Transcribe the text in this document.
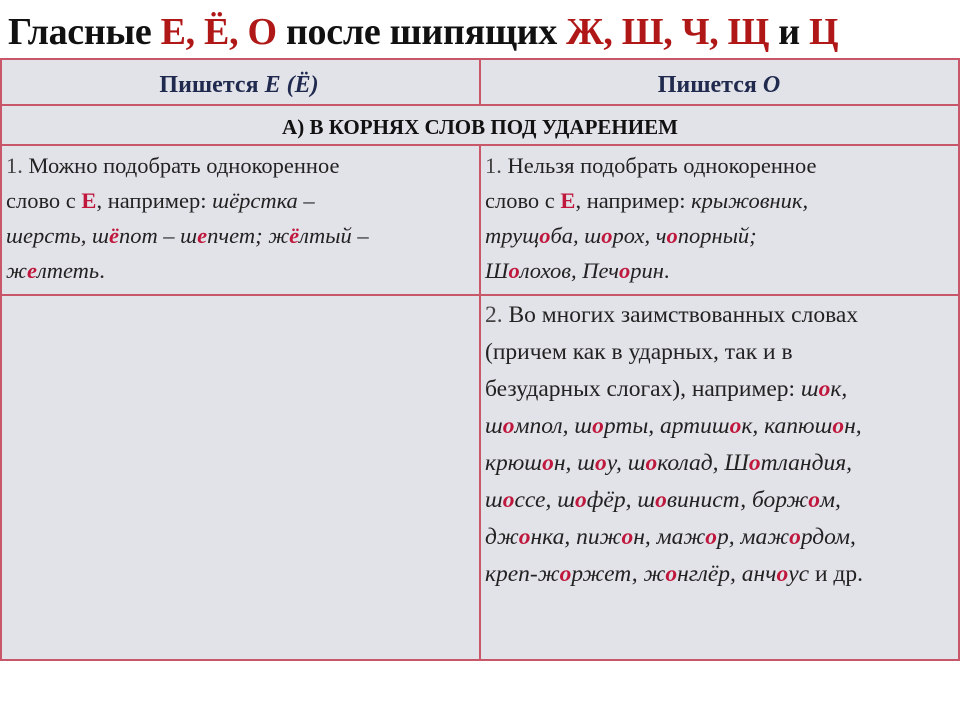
Гласные Е, Ё, О после шипящих Ж, Ш, Ч, Щ и Ц
Пишется Е (Ё)	Пишется О
А) В КОРНЯХ СЛОВ ПОД УДАРЕНИЕМ
1. Можно подобрать однокоренное
слово с Е, например: шёрстка –
шерсть, шёпот – шепчет; жёлтый –
желтеть.
1. Нельзя подобрать однокоренное
слово с Е, например: крыжовник,
трущоба, шорох, чопорный;
Шолохов, Печорин.
2. Во многих заимствованных словах
(причем как в ударных, так и в
безударных слогах), например: шок,
шомпол, шорты, артишок, капюшон,
крюшон, шоу, шоколад, Шотландия,
шоссе, шофёр, шовинист, боржом,
джонка, пижон, мажор, мажордом,
креп-жоржет, жонглёр, анчоус и др.
